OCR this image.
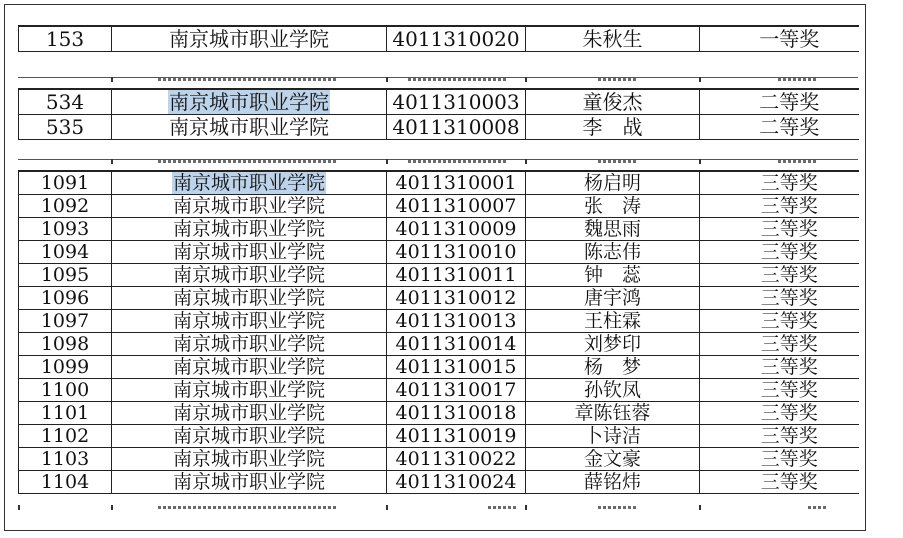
153	南京城市职业学院	4011310020	朱秋生	一等奖
534	南京城市职业学院	4011310003	童俊杰	二等奖
535	南京城市职业学院	4011310008	李　战	二等奖
1091	南京城市职业学院	4011310001	杨启明	三等奖
1092	南京城市职业学院	4011310007	张　涛	三等奖
1093	南京城市职业学院	4011310009	魏思雨	三等奖
1094	南京城市职业学院	4011310010	陈志伟	三等奖
1095	南京城市职业学院	4011310011	钟　蕊	三等奖
1096	南京城市职业学院	4011310012	唐宇鸿	三等奖
1097	南京城市职业学院	4011310013	王柱霖	三等奖
1098	南京城市职业学院	4011310014	刘梦印	三等奖
1099	南京城市职业学院	4011310015	杨　梦	三等奖
1100	南京城市职业学院	4011310017	孙钦凤	三等奖
1101	南京城市职业学院	4011310018	章陈钰蓉	三等奖
1102	南京城市职业学院	4011310019	卜诗洁	三等奖
1103	南京城市职业学院	4011310022	金文豪	三等奖
1104	南京城市职业学院	4011310024	薛铭炜	三等奖
